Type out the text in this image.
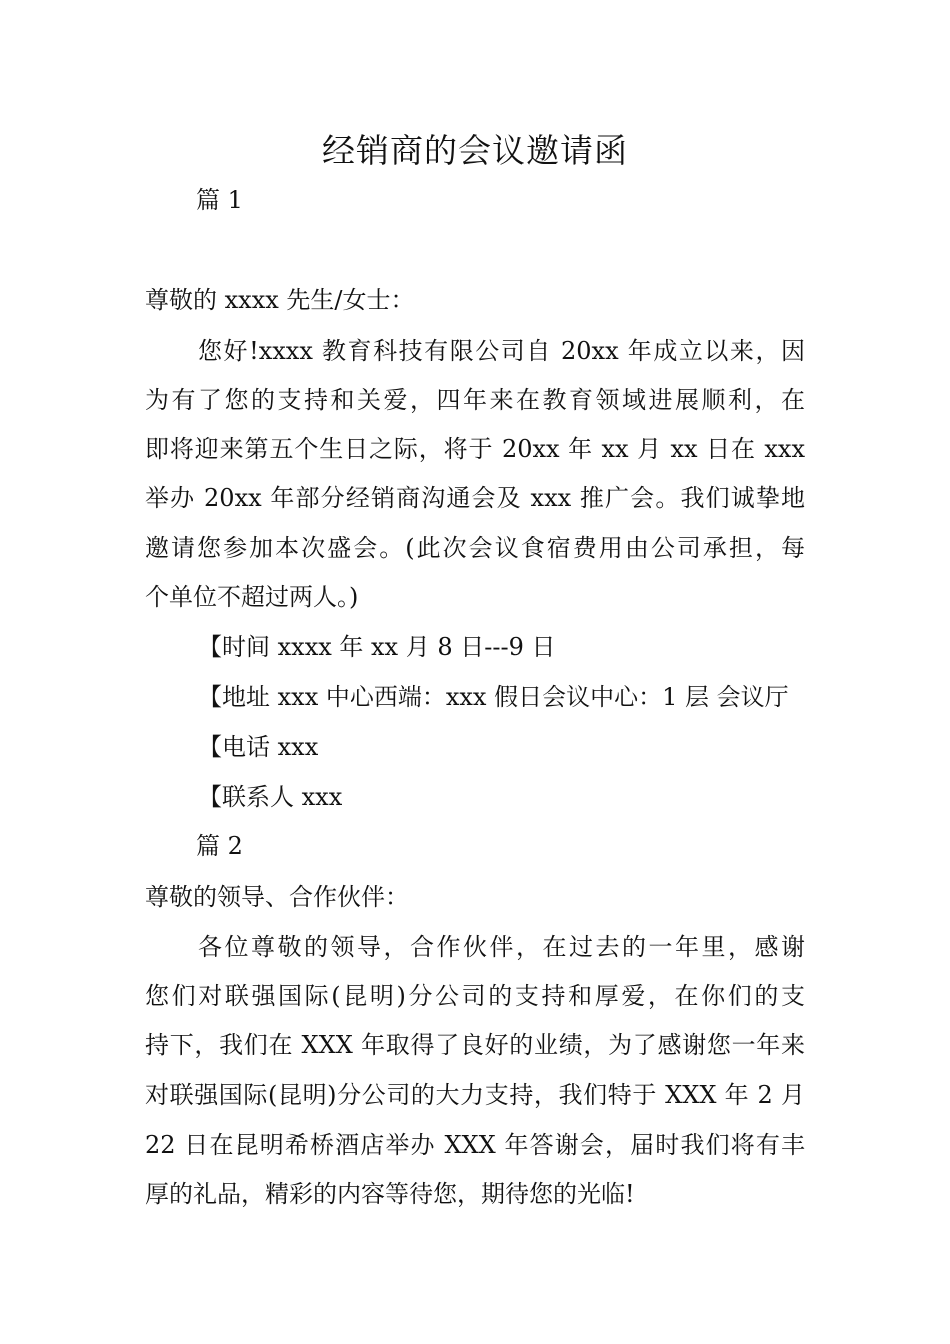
经销商的会议邀请函
篇 1
尊敬的 xxxx 先生/女士：
您好!xxxx 教育科技有限公司自 20xx 年成立以来，因
为有了您的支持和关爱，四年来在教育领域进展顺利，在
即将迎来第五个生日之际，将于 20xx 年 xx 月 xx 日在 xxx
举办 20xx 年部分经销商沟通会及 xxx 推广会。我们诚挚地
邀请您参加本次盛会。(此次会议食宿费用由公司承担，每
个单位不超过两人。)
【时间 xxxx 年 xx 月 8 日---9 日
【地址 xxx 中心西端：xxx 假日会议中心：1 层 会议厅
【电话 xxx
【联系人 xxx
篇 2
尊敬的领导、合作伙伴：
各位尊敬的领导，合作伙伴，在过去的一年里，感谢
您们对联强国际(昆明)分公司的支持和厚爱，在你们的支
持下，我们在 XXX 年取得了良好的业绩，为了感谢您一年来
对联强国际(昆明)分公司的大力支持，我们特于 XXX 年 2 月
22 日在昆明希桥酒店举办 XXX 年答谢会，届时我们将有丰
厚的礼品，精彩的内容等待您，期待您的光临!
